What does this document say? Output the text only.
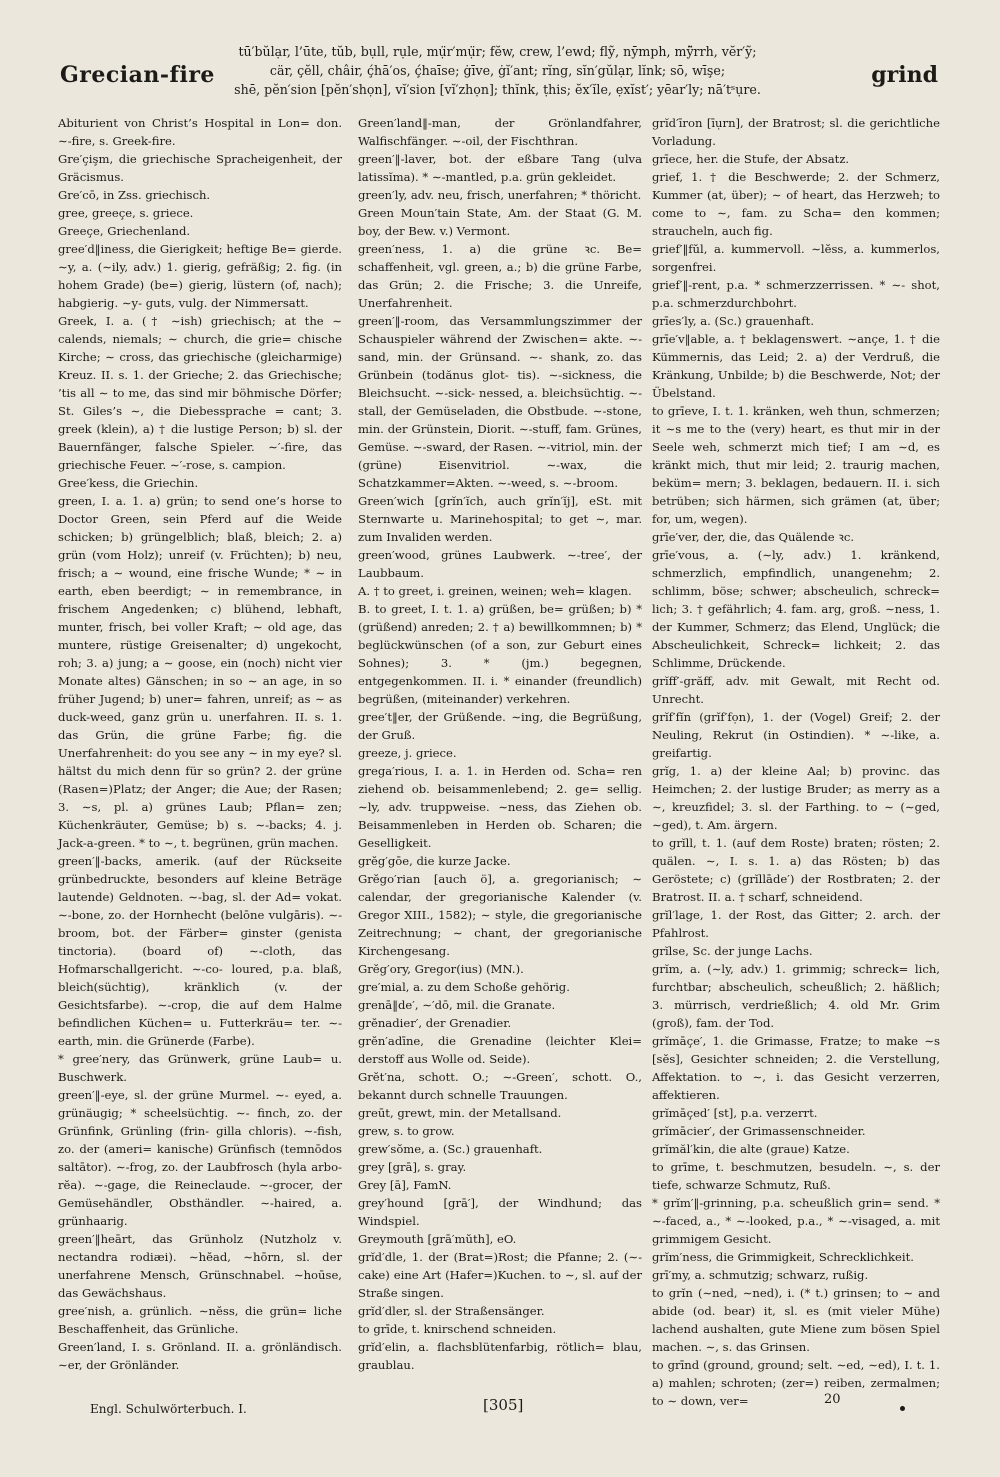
Grecian-fire
tū′bŭlạr, l’ūte, tŭb, bụll, rụle, mụ̈r′mụ̈r; fĕw, crew, l’ewd; flỹ, nȳmph, mỹ̈rrh, vĕr′ỹ;
cär, çĕll, châir, ḉhā′os, ḉhaīse; ġīve, ġĭ′ant; rĭng, sĭn′gŭlạr, lĭnk; sō, wīşe;
shē, pĕn′sion [pĕn′shọn], vĭ′sion [vĭ′zhọn]; thĭnk, ṭhis; ĕx′ĭle, ẹxĭst′; yēar′ly; nā′tˢụre.
grind

Abiturient von Christ’s Hospital in Lon= don. ∼-fire, s. Greek-fire.

Gre′çişm, die griechische Spracheigenheit, der Gräcismus.

Gre′cō, in Zss. griechisch.

gree, greeçe, s. griece.

Greeçe, Griechenland.

gree′d‖iness, die Gierigkeit; heftige Be= gierde. ∼y, a. (∼ily, adv.) 1. gierig, gefräßig; 2. fig. (in hohem Grade) (be=) gierig, lüstern (of, nach); habgierig. ∼y- guts, vulg. der Nimmersatt.

Greek, I. a. († ∼ish) griechisch; at the ∼ calends, niemals; ∼ church, die grie= chische Kirche; ∼ cross, das griechische (gleicharmige) Kreuz. II. s. 1. der Grieche; 2. das Griechische; ’tis all ∼ to me, das sind mir böhmische Dörfer; St. Giles’s ∼, die Diebessprache = cant; 3. greek (klein), a) † die lustige Person; b) sl. der Bauernfänger, falsche Spieler. ∼′-fire, das griechische Feuer. ∼′-rose, s. campion.

Gree′kess, die Griechin.

green, I. a. 1. a) grün; to send one’s horse to Doctor Green, sein Pferd auf die Weide schicken; b) grüngelblich; blaß, bleich; 2. a) grün (vom Holz); unreif (v. Früchten); b) neu, frisch; a ∼ wound, eine frische Wunde; * ∼ in earth, eben beerdigt; ∼ in remembrance, in frischem Angedenken; c) blühend, lebhaft, munter, frisch, bei voller Kraft; ∼ old age, das muntere, rüstige Greisenalter; d) ungekocht, roh; 3. a) jung; a ∼ goose, ein (noch) nicht vier Monate altes) Gänschen; in so ∼ an age, in so früher Jugend; b) uner= fahren, unreif; as ∼ as duck-weed, ganz grün u. unerfahren. II. s. 1. das Grün, die grüne Farbe; fig. die Unerfahrenheit: do you see any ∼ in my eye? sl. hältst du mich denn für so grün? 2. der grüne (Rasen=)Platz; der Anger; die Aue; der Rasen; 3. ∼s, pl. a) grünes Laub; Pflan= zen; Küchenkräuter, Gemüse; b) s. ∼-backs; 4. j. Jack-a-green. * to ∼, t. begrünen, grün machen.

green′‖-backs, amerik. (auf der Rückseite grünbedruckte, besonders auf kleine Beträge lautende) Geldnoten. ∼-bag, sl. der Ad= vokat. ∼-bone, zo. der Hornhecht (belōne vulgāris). ∼-broom, bot. der Färber= ginster (genista tinctoria). (board of) ∼-cloth, das Hofmarschallgericht. ∼-co- loured, p.a. blaß, bleich(süchtig), kränklich (v. der Gesichtsfarbe). ∼-crop, die auf dem Halme befindlichen Küchen= u. Futterkräu= ter. ∼-earth, min. die Grünerde (Farbe).

* gree′nery, das Grünwerk, grüne Laub= u. Buschwerk.

green′‖-eye, sl. der grüne Murmel. ∼- eyed, a. grünäugig; * scheelsüchtig. ∼- finch, zo. der Grünfink, Grünling (frin- gilla chloris). ∼-fish, zo. der (ameri= kanische) Grünfisch (temnōdos saltātor). ∼-frog, zo. der Laubfrosch (hyla arbo- rĕa). ∼-gage, die Reineclaude. ∼-grocer, der Gemüsehändler, Obsthändler. ∼-haired, a. grünhaarig.

green′‖heārt, das Grünholz (Nutzholz v. nectandra rodiæi). ∼hĕad, ∼hōrn, sl. der unerfahrene Mensch, Grünschnabel. ∼hoūse, das Gewächshaus.

gree′nish, a. grünlich. ∼nĕss, die grün= liche Beschaffenheit, das Grünliche.

Green′land, I. s. Grönland. II. a. grönländisch. ∼er, der Grönländer.

Green′land‖-man, der Grönlandfahrer, Walfischfänger. ∼-oil, der Fischthran.

green′‖-laver, bot. der eßbare Tang (ulva latissĭma). * ∼-mantled, p.a. grün gekleidet.

green′ly, adv. neu, frisch, unerfahren; * thöricht.

Green Moun′tain State, Am. der Staat (G. M. boy, der Bew. v.) Vermont.

green′ness, 1. a) die grüne ꝛc. Be= schaffenheit, vgl. green, a.; b) die grüne Farbe, das Grün; 2. die Frische; 3. die Unreife, Unerfahrenheit.

green′‖-room, das Versammlungszimmer der Schauspieler während der Zwischen= akte. ∼-sand, min. der Grünsand. ∼- shank, zo. das Grünbein (todănus glot- tis). ∼-sickness, die Bleichsucht. ∼-sick- nessed, a. bleichsüchtig. ∼-stall, der Gemüseladen, die Obstbude. ∼-stone, min. der Grünstein, Diorit. ∼-stuff, fam. Grünes, Gemüse. ∼-sward, der Rasen. ∼-vitriol, min. der (grüne) Eisenvitriol. ∼-wax, die Schatzkammer=Akten. ∼-weed, s. ∼-broom.

Green′wich [grĭn′ĭch, auch grĭn′ĭj], eSt. mit Sternwarte u. Marinehospital; to get ∼, mar. zum Invaliden werden.

green′wood, grünes Laubwerk. ∼-tree′, der Laubbaum.

A. † to greet, i. greinen, weinen; weh= klagen.

B. to greet, I. t. 1. a) grüßen, be= grüßen; b) * (grüßend) anreden; 2. † a) bewillkommnen; b) * beglückwünschen (of a son, zur Geburt eines Sohnes); 3. * (jm.) begegnen, entgegenkommen. II. i. * einander (freundlich) begrüßen, (miteinander) verkehren.

gree′t‖er, der Grüßende. ∼ing, die Begrüßung, der Gruß.

greeze, j. griece.

grega′rious, I. a. 1. in Herden od. Scha= ren ziehend ob. beisammenlebend; 2. ge= sellig. ∼ly, adv. truppweise. ∼ness, das Ziehen ob. Beisammenleben in Herden ob. Scharen; die Geselligkeit.

grĕg′gōe, die kurze Jacke.

Grĕgo′rian [auch ö], a. gregorianisch; ∼ calendar, der gregorianische Kalender (v. Gregor XIII., 1582); ∼ style, die gregorianische Zeitrechnung; ∼ chant, der gregorianische Kirchengesang.

Grĕg′ory, Gregor(ius) (MN.).

gre′mial, a. zu dem Schoße gehörig.

grenā‖de′, ∼′dō, mil. die Granate.

grĕnadier′, der Grenadier.

grĕn′adīne, die Grenadine (leichter Klei= derstoff aus Wolle od. Seide).

Grĕt′na, schott. O.; ∼-Green′, schott. O., bekannt durch schnelle Trauungen.

greūt, grewt, min. der Metallsand.

grew, s. to grow.

grew′sŏme, a. (Sc.) grauenhaft.

grey [grā], s. gray.

Grey [ā], FamN.

grey′hound [grā′], der Windhund; das Windspiel.

Greymouth [grā′mŭth], eO.

grĭd′dle, 1. der (Brat=)Rost; die Pfanne; 2. (∼-cake) eine Art (Hafer=)Kuchen. to ∼, sl. auf der Straße singen.

grĭd′dler, sl. der Straßensänger.

to grīde, t. knirschend schneiden.

grĭd′elin, a. flachsblütenfarbig, rötlich= blau, graublau.

grĭd′īron [īụrn], der Bratrost; sl. die gerichtliche Vorladung.

grīece, her. die Stufe, der Absatz.

grief, 1. † die Beschwerde; 2. der Schmerz, Kummer (at, über); ∼ of heart, das Herzweh; to come to ∼, fam. zu Scha= den kommen; straucheln, auch fig.

grief′‖fŭl, a. kummervoll. ∼lĕss, a. kummerlos, sorgenfrei.

grief′‖-rent, p.a. * schmerzzerrissen. * ∼- shot, p.a. schmerzdurchbohrt.

grīes′ly, a. (Sc.) grauenhaft.

grīe′v‖able, a. † beklagenswert. ∼ançe, 1. † die Kümmernis, das Leid; 2. a) der Verdruß, die Kränkung, Unbilde; b) die Beschwerde, Not; der Übelstand.

to grīeve, I. t. 1. kränken, weh thun, schmerzen; it ∼s me to the (very) heart, es thut mir in der Seele weh, schmerzt mich tief; I am ∼d, es kränkt mich, thut mir leid; 2. traurig machen, beküm= mern; 3. beklagen, bedauern. II. i. sich betrüben; sich härmen, sich grämen (at, über; for, um, wegen).

grīe′ver, der, die, das Quälende ꝛc.

grīe′vous, a. (∼ly, adv.) 1. kränkend, schmerzlich, empfindlich, unangenehm; 2. schlimm, böse; schwer; abscheulich, schreck= lich; 3. † gefährlich; 4. fam. arg, groß. ∼ness, 1. der Kummer, Schmerz; das Elend, Unglück; die Abscheulichkeit, Schreck= lichkeit; 2. das Schlimme, Drückende.

grĭff′-grăff, adv. mit Gewalt, mit Recht od. Unrecht.

grĭf′fĭn (grĭf′fọn), 1. der (Vogel) Greif; 2. der Neuling, Rekrut (in Ostindien). * ∼-like, a. greifartig.

grĭg, 1. a) der kleine Aal; b) provinc. das Heimchen; 2. der lustige Bruder; as merry as a ∼, kreuzfidel; 3. sl. der Farthing. to ∼ (∼ged, ∼ged), t. Am. ärgern.

to grĭll, t. 1. (auf dem Roste) braten; rösten; 2. quälen. ∼, I. s. 1. a) das Rösten; b) das Geröstete; c) (grĭllāde′) der Rostbraten; 2. der Bratrost. II. a. † scharf, schneidend.

grĭl′lage, 1. der Rost, das Gitter; 2. arch. der Pfahlrost.

grĭlse, Sc. der junge Lachs.

grĭm, a. (∼ly, adv.) 1. grimmig; schreck= lich, furchtbar; abscheulich, scheußlich; 2. häßlich; 3. mürrisch, verdrießlich; 4. old Mr. Grim (groß), fam. der Tod.

grĭmāçe′, 1. die Grimasse, Fratze; to make ∼s [sĕs], Gesichter schneiden; 2. die Verstellung, Affektation. to ∼, i. das Gesicht verzerren, affektieren.

grĭmāçed′ [st], p.a. verzerrt.

grĭmācier′, der Grimassenschneider.

grĭmăl′kin, die alte (graue) Katze.

to grīme, t. beschmutzen, besudeln. ∼, s. der tiefe, schwarze Schmutz, Ruß.

* grĭm′‖-grinning, p.a. scheußlich grin= send. * ∼-faced, a., * ∼-looked, p.a., * ∼-visaged, a. mit grimmigem Gesicht.

grĭm′ness, die Grimmigkeit, Schrecklichkeit.

grī′my, a. schmutzig; schwarz, rußig.

to grĭn (∼ned, ∼ned), i. (* t.) grinsen; to ∼ and abide (od. bear) it, sl. es (mit vieler Mühe) lachend aushalten, gute Miene zum bösen Spiel machen. ∼, s. das Grinsen.

to grīnd (ground, ground; selt. ∼ed, ∼ed), I. t. 1. a) mahlen; schroten; (zer=) reiben, zermalmen; to ∼ down, ver=

Engl. Schulwörterbuch. I.	[305]	20
